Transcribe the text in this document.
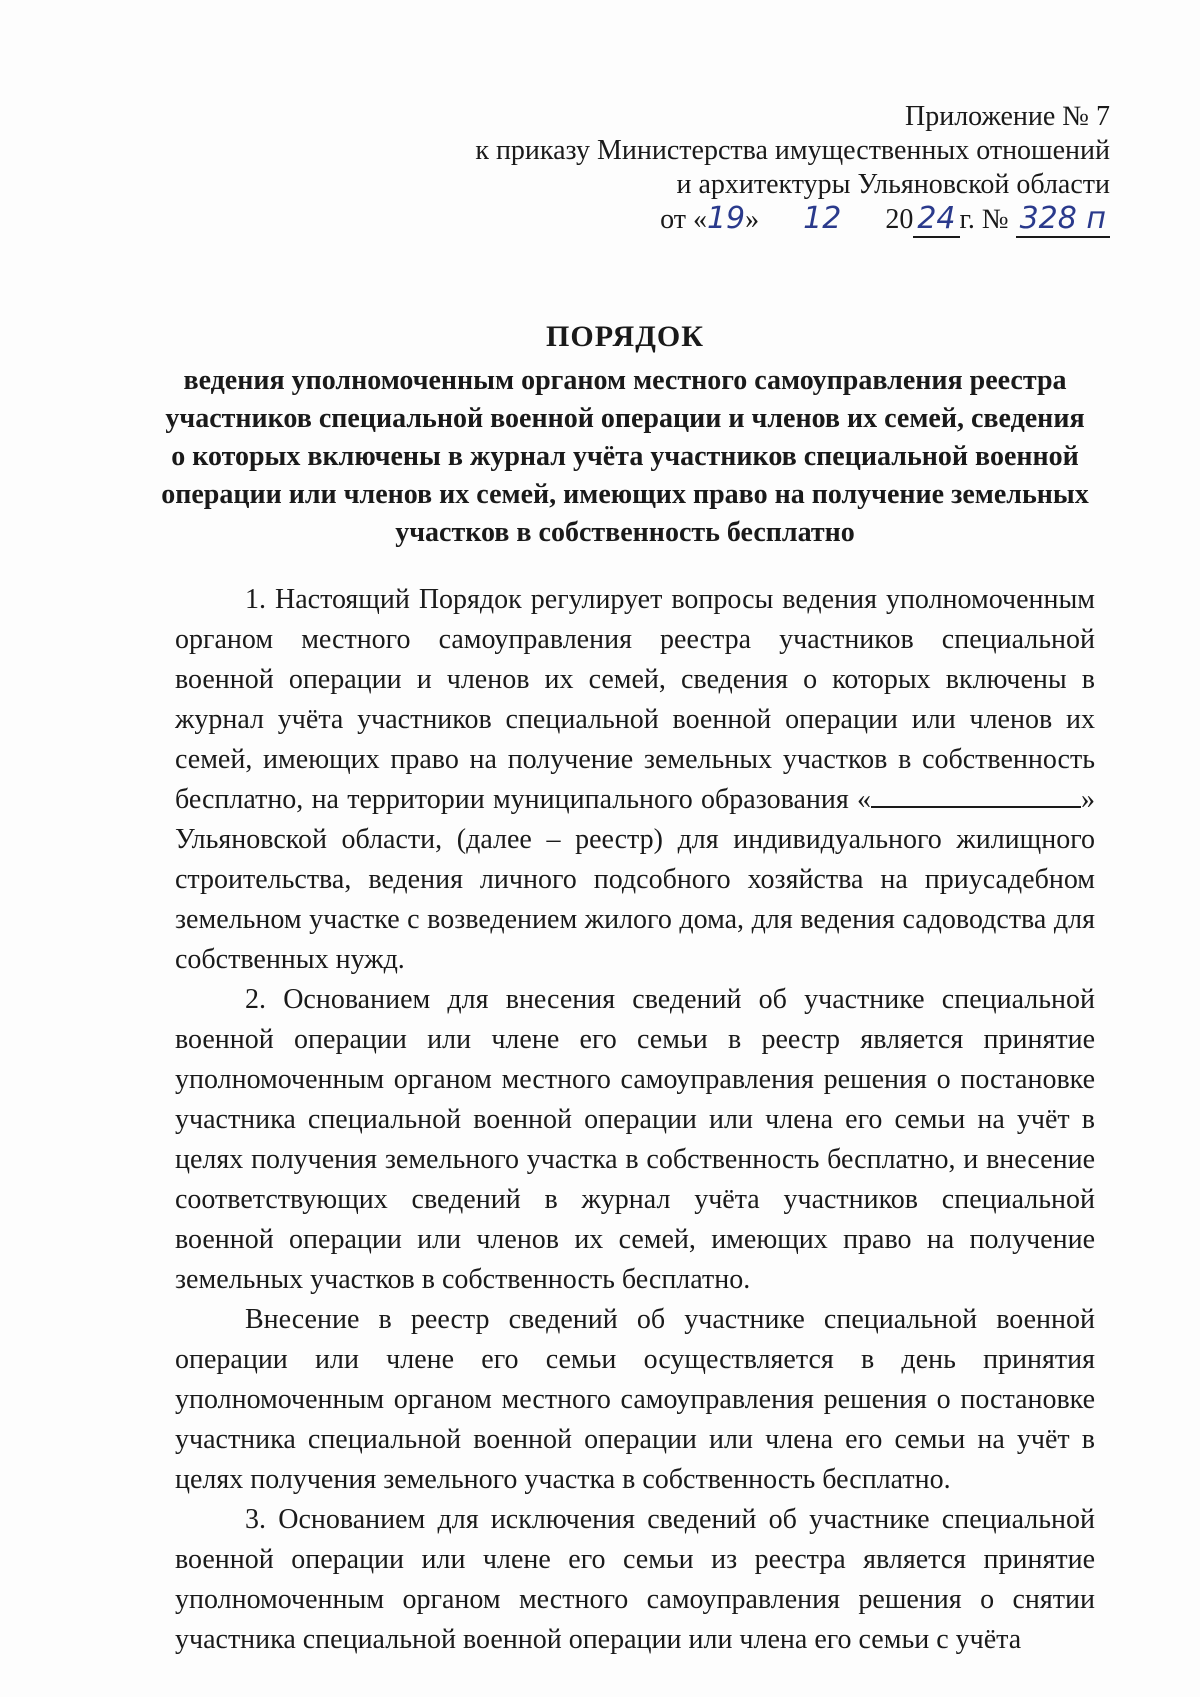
Приложение № 7
к приказу Министерства имущественных отношений
и архитектуры Ульяновской области
от «19» 12 20 24 г. № 328 п
ПОРЯДОК
ведения уполномоченным органом местного самоуправления реестра участников специальной военной операции и членов их семей, сведения о которых включены в журнал учёта участников специальной военной операции или членов их семей, имеющих право на получение земельных участков в собственность бесплатно

1. Настоящий Порядок регулирует вопросы ведения уполномоченным органом местного самоуправления реестра участников специальной военной операции и членов их семей, сведения о которых включены в журнал учёта участников специальной военной операции или членов их семей, имеющих право на получение земельных участков в собственность бесплатно, на территории муниципального образования «	» Ульяновской области, (далее – реестр) для индивидуального жилищного строительства, ведения личного подсобного хозяйства на приусадебном земельном участке с возведением жилого дома, для ведения садоводства для собственных нужд.

2. Основанием для внесения сведений об участнике специальной военной операции или члене его семьи в реестр является принятие уполномоченным органом местного самоуправления решения о постановке участника специальной военной операции или члена его семьи на учёт в целях получения земельного участка в собственность бесплатно, и внесение соответствующих сведений в журнал учёта участников специальной военной операции или членов их семей, имеющих право на получение земельных участков в собственность бесплатно.

Внесение в реестр сведений об участнике специальной военной операции или члене его семьи осуществляется в день принятия уполномоченным органом местного самоуправления решения о постановке участника специальной военной операции или члена его семьи на учёт в целях получения земельного участка в собственность бесплатно.

3. Основанием для исключения сведений об участнике специальной военной операции или члене его семьи из реестра является принятие уполномоченным органом местного самоуправления решения о снятии участника специальной военной операции или члена его семьи с учёта
